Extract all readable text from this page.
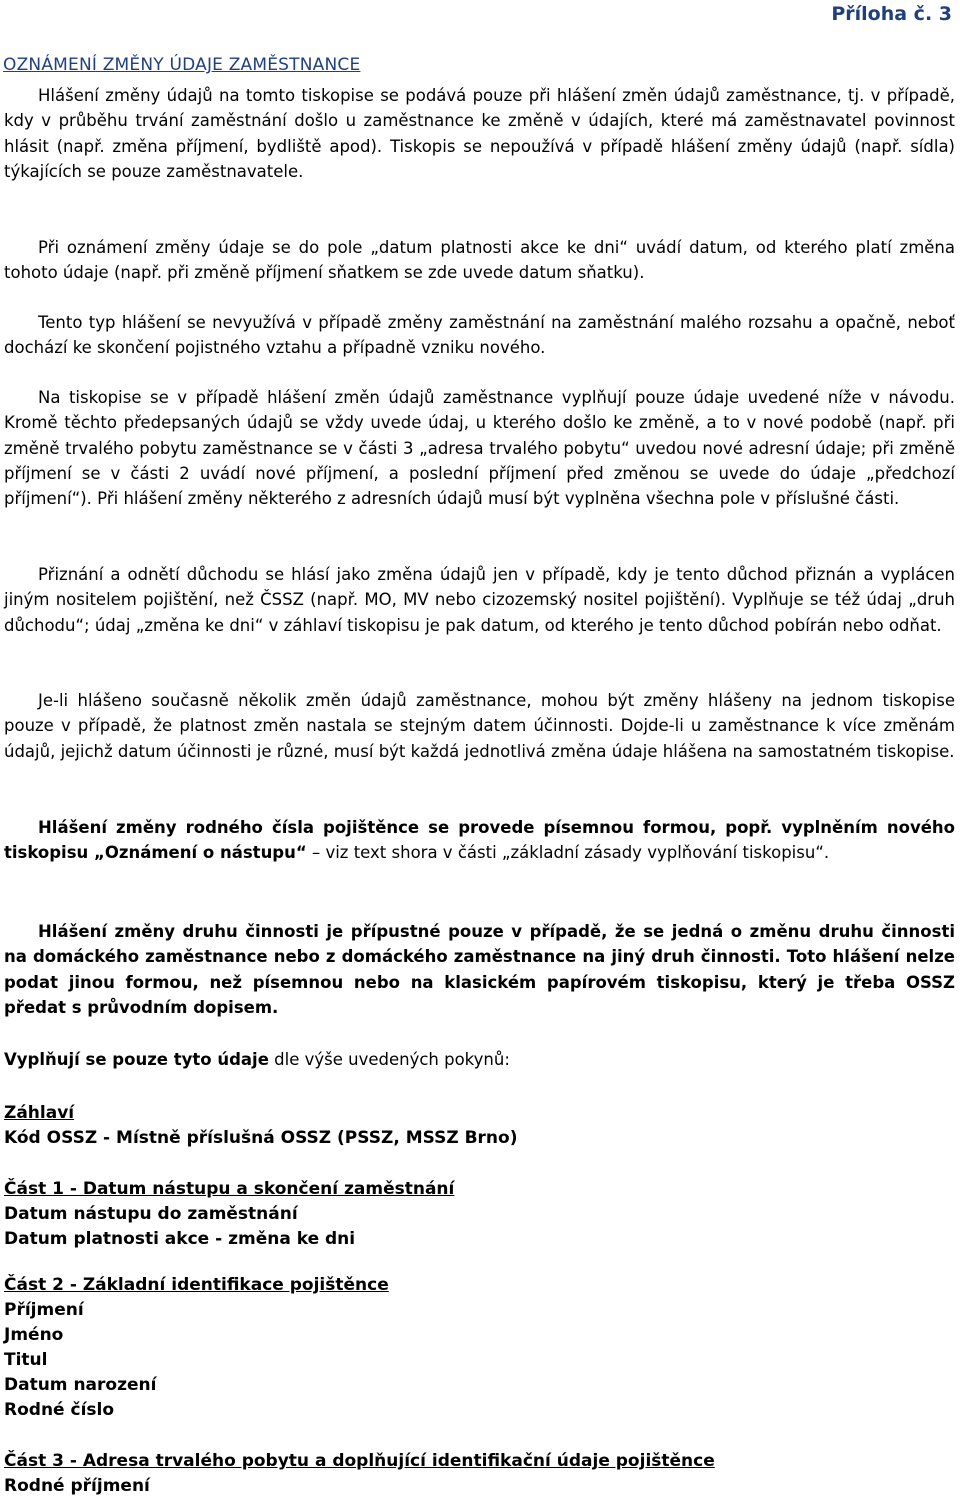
Příloha č. 3
OZNÁMENÍ ZMĚNY ÚDAJE ZAMĚSTNANCE

Hlášení změny údajů na tomto tiskopise se podává pouze při hlášení změn údajů zaměstnance, tj. v případě, kdy v průběhu trvání zaměstnání došlo u zaměstnance ke změně v údajích, které má zaměstnavatel povinnost hlásit (např. změna příjmení, bydliště apod). Tiskopis se nepoužívá v případě hlášení změny údajů (např. sídla) týkajících se pouze zaměstnavatele.

Při oznámení změny údaje se do pole „datum platnosti akce ke dni“ uvádí datum, od kterého platí změna tohoto údaje (např. při změně příjmení sňatkem se zde uvede datum sňatku).

Tento typ hlášení se nevyužívá v případě změny zaměstnání na zaměstnání malého rozsahu a opačně, neboť dochází ke skončení pojistného vztahu a případně vzniku nového.

Na tiskopise se v případě hlášení změn údajů zaměstnance vyplňují pouze údaje uvedené níže v návodu. Kromě těchto předepsaných údajů se vždy uvede údaj, u kterého došlo ke změně, a to v nové podobě (např. při změně trvalého pobytu zaměstnance se v části 3 „adresa trvalého pobytu“ uvedou nové adresní údaje; při změně příjmení se v části 2 uvádí nové příjmení, a poslední příjmení před změnou se uvede do údaje „předchozí příjmení“). Při hlášení změny některého z adresních údajů musí být vyplněna všechna pole v příslušné části.

Přiznání a odnětí důchodu se hlásí jako změna údajů jen v případě, kdy je tento důchod přiznán a vyplácen jiným nositelem pojištění, než ČSSZ (např. MO, MV nebo cizozemský nositel pojištění). Vyplňuje se též údaj „druh důchodu“; údaj „změna ke dni“ v záhlaví tiskopisu je pak datum, od kterého je tento důchod pobírán nebo odňat.

Je-li hlášeno současně několik změn údajů zaměstnance, mohou být změny hlášeny na jednom tiskopise pouze v případě, že platnost změn nastala se stejným datem účinnosti. Dojde-li u zaměstnance k více změnám údajů, jejichž datum účinnosti je různé, musí být každá jednotlivá změna údaje hlášena na samostatném tiskopise.

Hlášení změny rodného čísla pojištěnce se provede písemnou formou, popř. vyplněním nového tiskopisu „Oznámení o nástupu“ – viz text shora v části „základní zásady vyplňování tiskopisu“.

Hlášení změny druhu činnosti je přípustné pouze v případě, že se jedná o změnu druhu činnosti na domáckého zaměstnance nebo z domáckého zaměstnance na jiný druh činnosti. Toto hlášení nelze podat jinou formou, než písemnou nebo na klasickém papírovém tiskopisu, který je třeba OSSZ předat s průvodním dopisem.

Vyplňují se pouze tyto údaje dle výše uvedených pokynů:

Záhlaví
Kód OSSZ - Místně příslušná OSSZ (PSSZ, MSSZ Brno)
Část 1 - Datum nástupu a skončení zaměstnání
Datum nástupu do zaměstnání
Datum platnosti akce - změna ke dni
Část 2 - Základní identifikace pojištěnce
Příjmení
Jméno
Titul
Datum narození
Rodné číslo
Část 3 - Adresa trvalého pobytu a doplňující identifikační údaje pojištěnce
Rodné příjmení
